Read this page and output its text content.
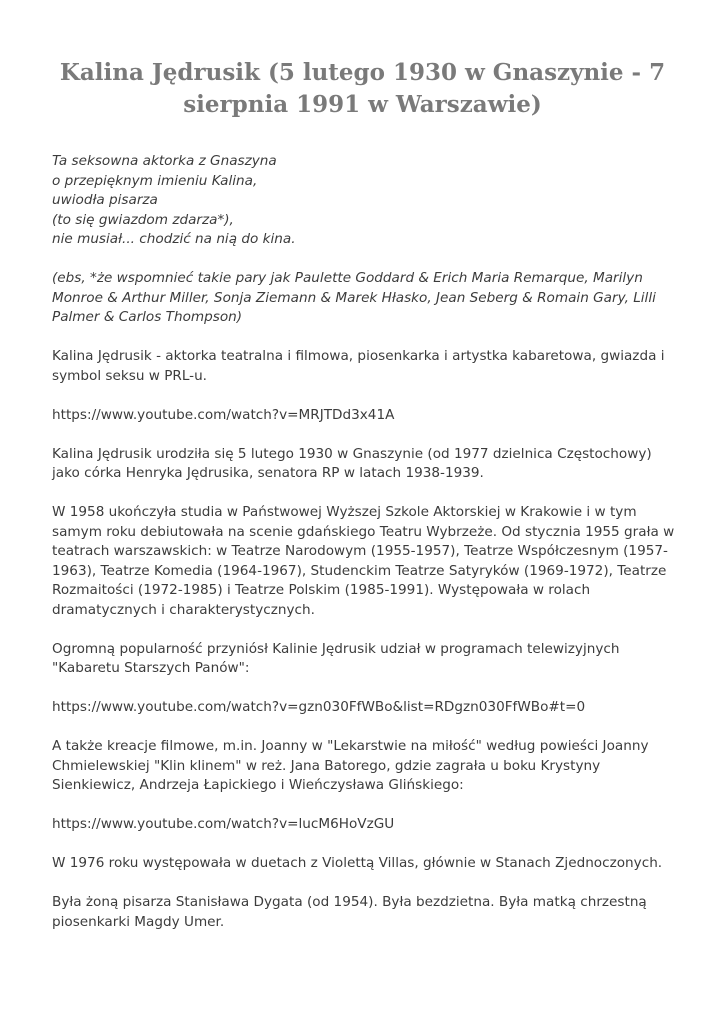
Kalina Jędrusik (5 lutego 1930 w Gnaszynie - 7 sierpnia 1991 w Warszawie)

Ta seksowna aktorka z Gnaszyna
o przepięknym imieniu Kalina,
uwiodła pisarza
(to się gwiazdom zdarza*),
nie musiał... chodzić na nią do kina.

(ebs, *że wspomnieć takie pary jak Paulette Goddard & Erich Maria Remarque, Marilyn Monroe & Arthur Miller, Sonja Ziemann & Marek Hłasko, Jean Seberg & Romain Gary, Lilli Palmer & Carlos Thompson)

Kalina Jędrusik - aktorka teatralna i filmowa, piosenkarka i artystka kabaretowa, gwiazda i symbol seksu w PRL-u.

https://www.youtube.com/watch?v=MRJTDd3x41A

Kalina Jędrusik urodziła się 5 lutego 1930 w Gnaszynie (od 1977 dzielnica Częstochowy) jako córka Henryka Jędrusika, senatora RP w latach 1938-1939.

W 1958 ukończyła studia w Państwowej Wyższej Szkole Aktorskiej w Krakowie i w tym samym roku debiutowała na scenie gdańskiego Teatru Wybrzeże. Od stycznia 1955 grała w teatrach warszawskich: w Teatrze Narodowym (1955-1957), Teatrze Współczesnym (1957-1963), Teatrze Komedia (1964-1967), Studenckim Teatrze Satyryków (1969-1972), Teatrze Rozmaitości (1972-1985) i Teatrze Polskim (1985-1991). Występowała w rolach dramatycznych i charakterystycznych.

Ogromną popularność przyniósł Kalinie Jędrusik udział w programach telewizyjnych "Kabaretu Starszych Panów":

https://www.youtube.com/watch?v=gzn030FfWBo&list=RDgzn030FfWBo#t=0

A także kreacje filmowe, m.in. Joanny w "Lekarstwie na miłość" według powieści Joanny Chmielewskiej "Klin klinem" w reż. Jana Batorego, gdzie zagrała u boku Krystyny Sienkiewicz, Andrzeja Łapickiego i Wieńczysława Glińskiego:

https://www.youtube.com/watch?v=lucM6HoVzGU

W 1976 roku występowała w duetach z Violettą Villas, głównie w Stanach Zjednoczonych.

Była żoną pisarza Stanisława Dygata (od 1954). Była bezdzietna. Była matką chrzestną piosenkarki Magdy Umer.
